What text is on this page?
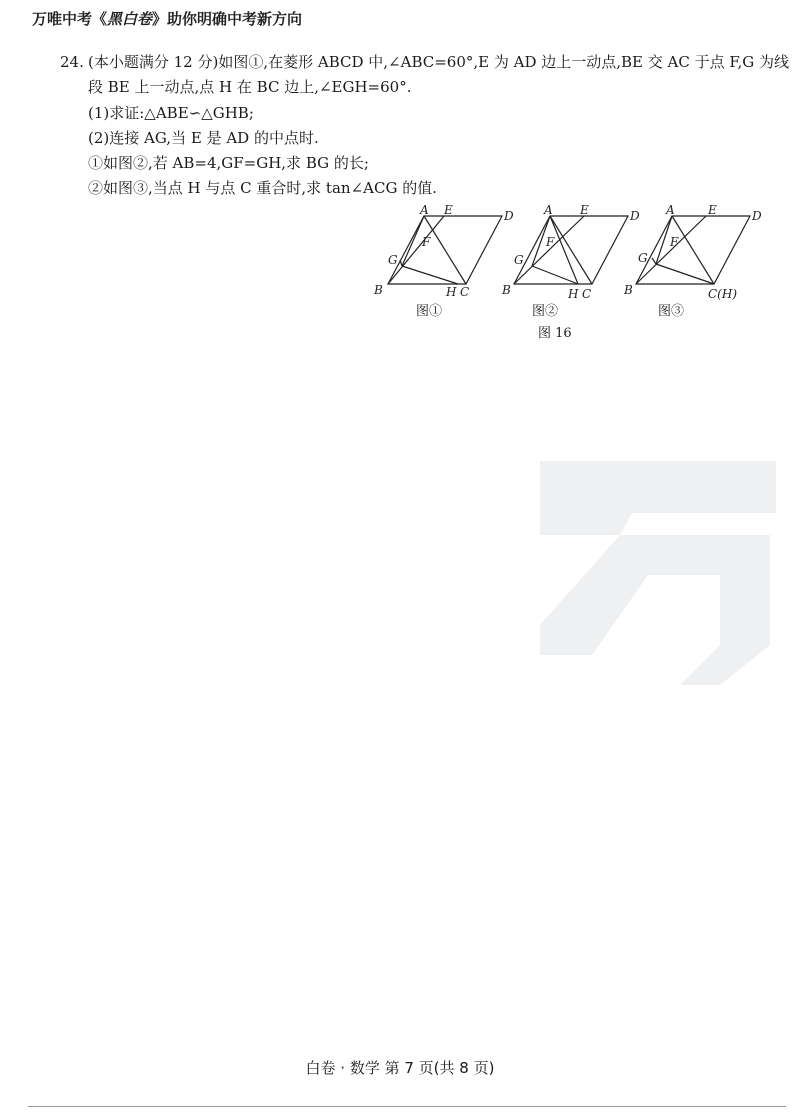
万唯中考《黑白卷》助你明确中考新方向
24. (本小题满分 12 分)如图①,在菱形 ABCD 中,∠ABC=60°,E 为 AD 边上一动点,BE 交 AC 于点 F,G 为线
段 BE 上一动点,点 H 在 BC 边上,∠EGH=60°.
(1)求证:△ABE∽△GHB;
(2)连接 AG,当 E 是 AD 的中点时.
①如图②,若 AB=4,GF=GH,求 BG 的长;
②如图③,当点 H 与点 C 重合时,求 tan∠ACG 的值.
A E	D
F
G
B	H C
A E	D
F
G
B	H C
A	E	D
F
G
B	C(H)
图①	图②	图③
图 16
白卷 · 数学 第 7 页(共 8 页)
